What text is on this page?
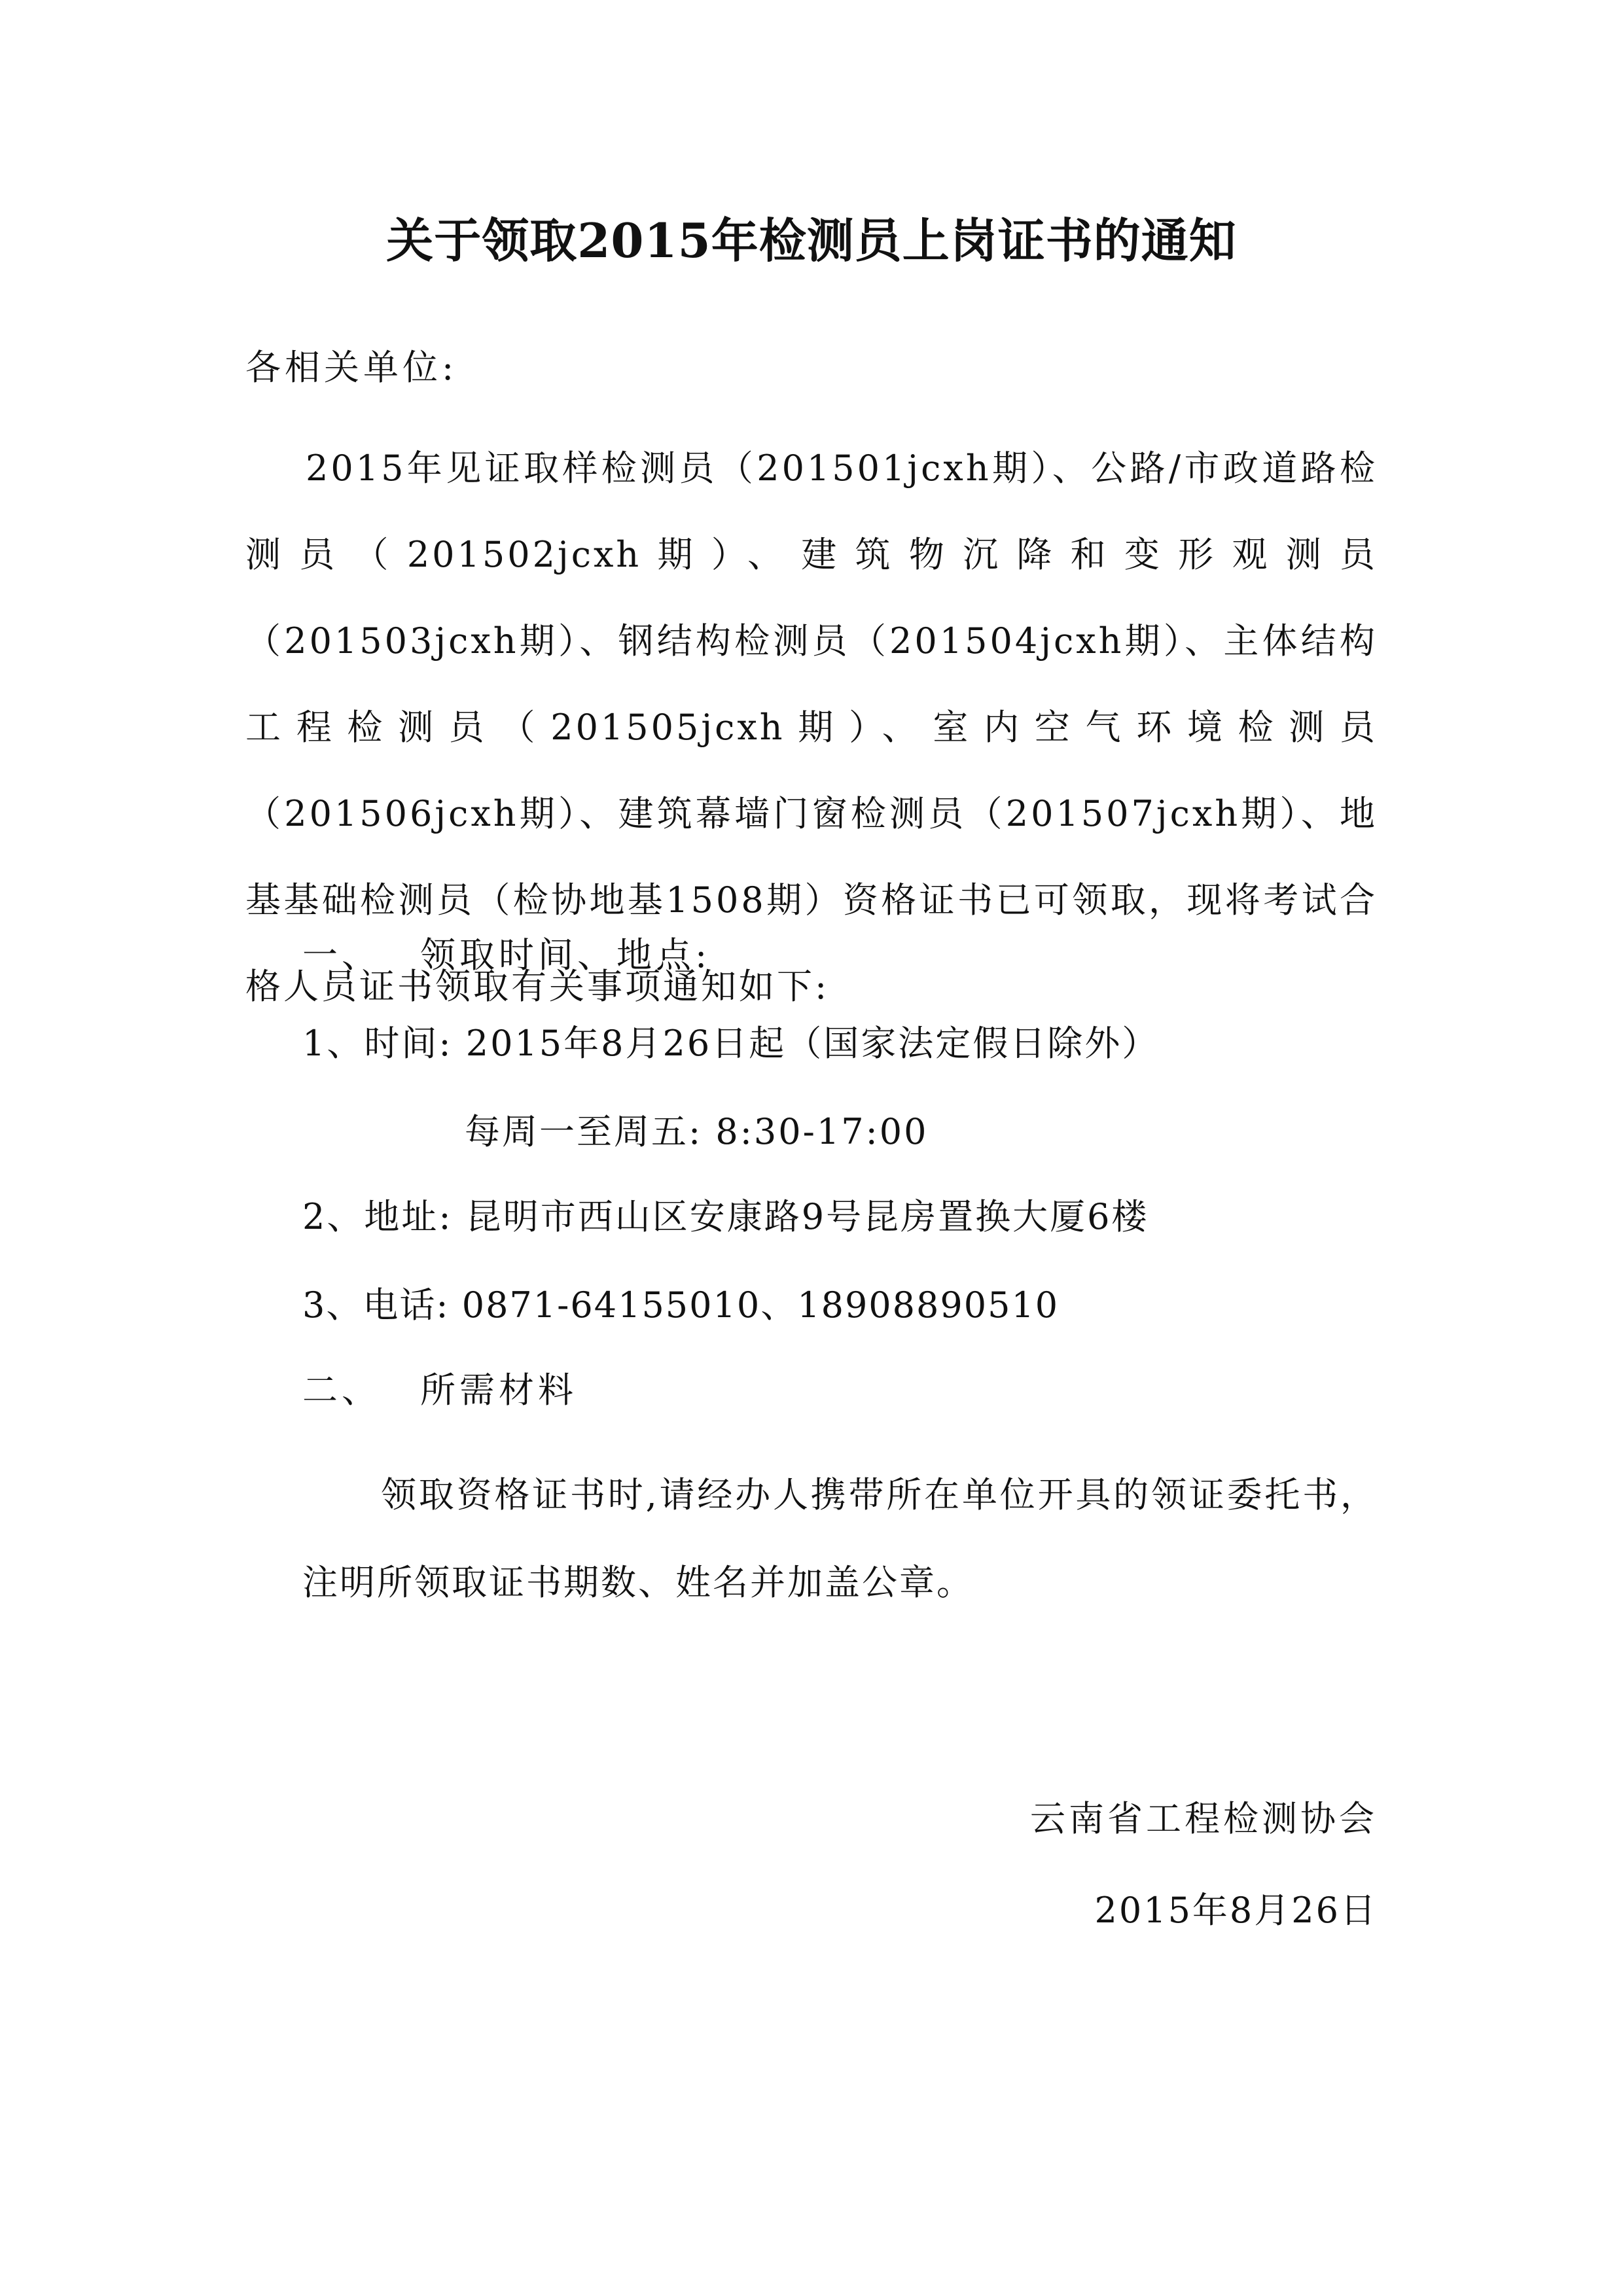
关于领取2015年检测员上岗证书的通知
各相关单位:
2015年见证取样检测员（201501jcxh期）、公路/市政道路检测员（201502jcxh期）、建筑物沉降和变形观测员（201503jcxh期）、钢结构检测员（201504jcxh期）、主体结构工程检测员（201505jcxh期）、室内空气环境检测员（201506jcxh期）、建筑幕墙门窗检测员（201507jcxh期）、地基基础检测员（检协地基1508期）资格证书已可领取，现将考试合格人员证书领取有关事项通知如下:
一、 领取时间、地点:
1、时间: 2015年8月26日起（国家法定假日除外）
每周一至周五: 8:30-17:00
2、地址: 昆明市西山区安康路9号昆房置换大厦6楼
3、电话: 0871-64155010、18908890510
二、 所需材料
领取资格证书时,请经办人携带所在单位开具的领证委托书，注明所领取证书期数、姓名并加盖公章。
云南省工程检测协会
2015年8月26日
